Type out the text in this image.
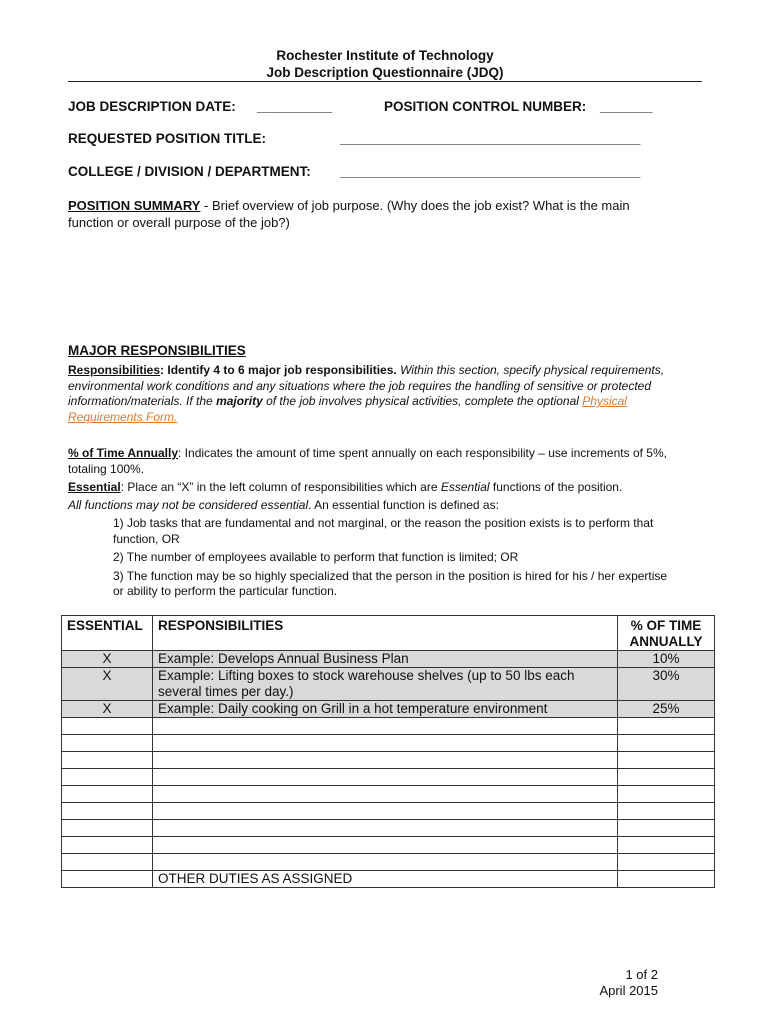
Rochester Institute of Technology
Job Description Questionnaire (JDQ)
JOB DESCRIPTION DATE: __________	POSITION CONTROL NUMBER: _______
REQUESTED POSITION TITLE:	________________________________________
COLLEGE / DIVISION / DEPARTMENT: ________________________________________
POSITION SUMMARY - Brief overview of job purpose. (Why does the job exist? What is the main
function or overall purpose of the job?)
MAJOR RESPONSIBILITIES
Responsibilities: Identify 4 to 6 major job responsibilities. Within this section, specify physical requirements,
environmental work conditions and any situations where the job requires the handling of sensitive or protected
information/materials. If the majority of the job involves physical activities, complete the optional Physical
Requirements Form.
% of Time Annually: Indicates the amount of time spent annually on each responsibility – use increments of 5%,
totaling 100%.
Essential: Place an “X” in the left column of responsibilities which are Essential functions of the position.
All functions may not be considered essential. An essential function is defined as:
1) Job tasks that are fundamental and not marginal, or the reason the position exists is to perform that
function, OR
2) The number of employees available to perform that function is limited; OR
3) The function may be so highly specialized that the person in the position is hired for his / her expertise
or ability to perform the particular function.
ESSENTIAL	RESPONSIBILITIES	% OF TIME
ANNUALLY
X	Example: Develops Annual Business Plan	10%
X	Example: Lifting boxes to stock warehouse shelves (up to 50 lbs each several times per day.)	30%
X	Example: Daily cooking on Grill in a hot temperature environment	25%

	OTHER DUTIES AS ASSIGNED	
1 of 2
April 2015
